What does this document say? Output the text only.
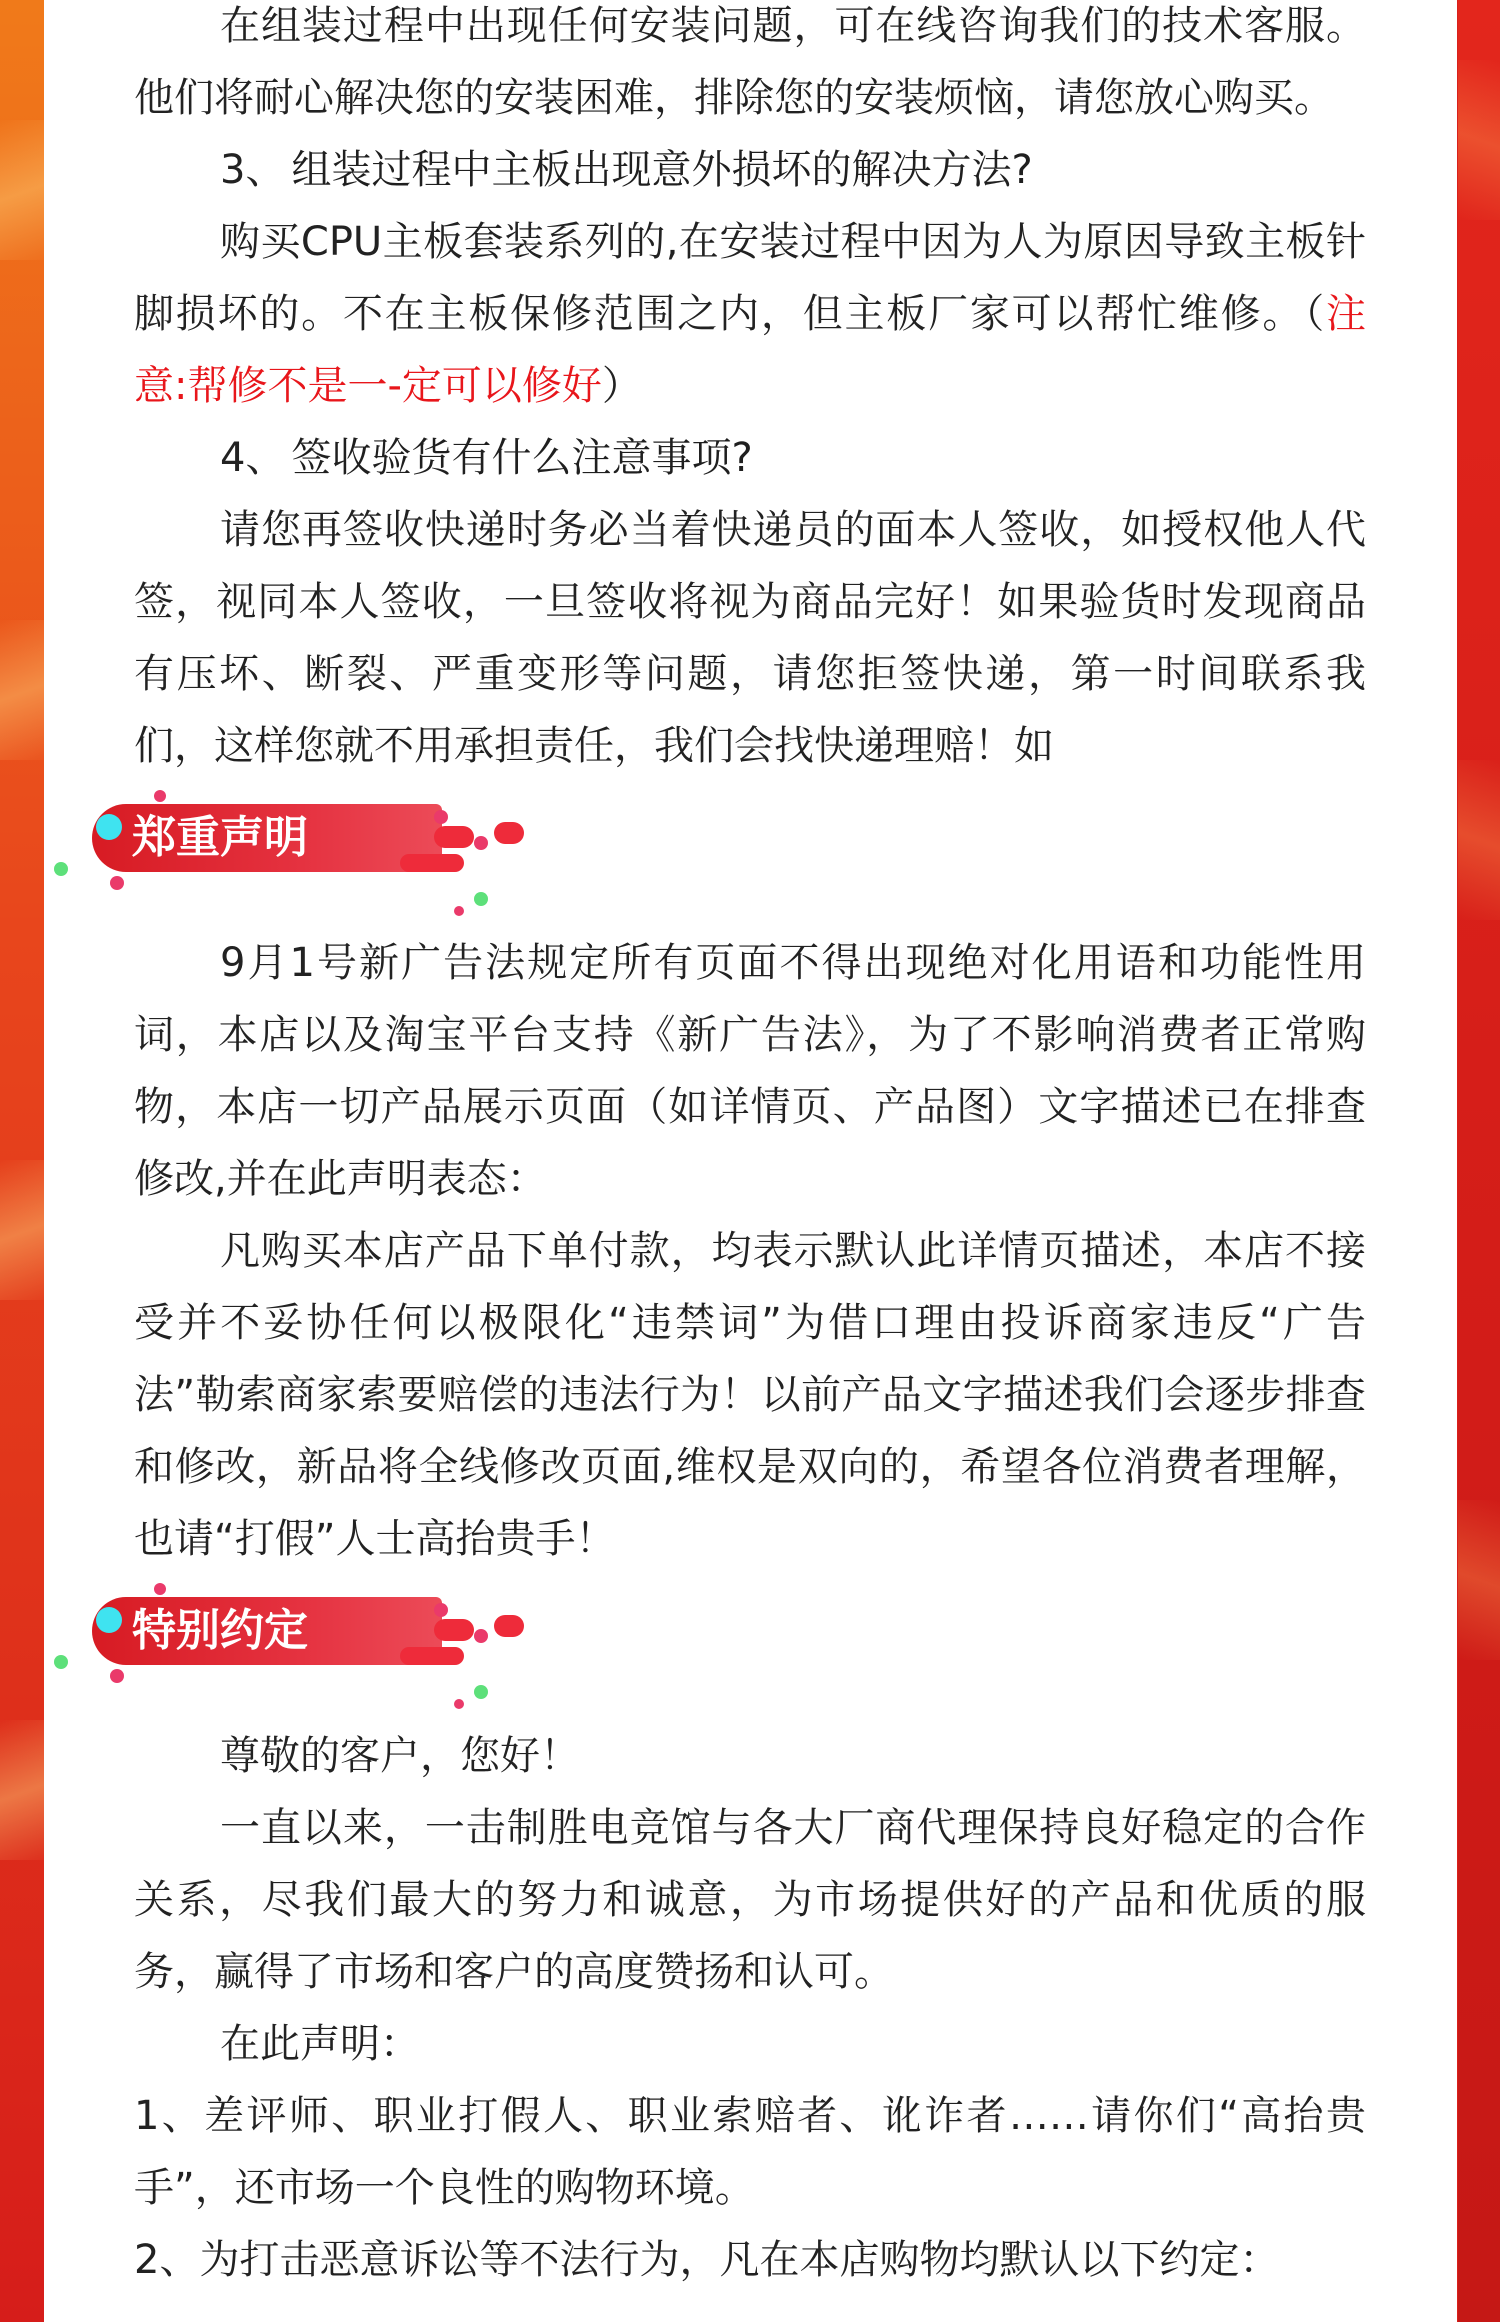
在组装过程中出现任何安装问题，可在线咨询我们的技术客服。他们将耐心解决您的安装困难，排除您的安装烦恼，请您放心购买。

3、 组装过程中主板出现意外损坏的解决方法?

购买CPU主板套装系列的,在安装过程中因为人为原因导致主板针脚损坏的。不在主板保修范围之内，但主板厂家可以帮忙维修。（注意:帮修不是一-定可以修好）

4、 签收验货有什么注意事项?

请您再签收快递时务必当着快递员的面本人签收，如授权他人代签，视同本人签收，一旦签收将视为商品完好！如果验货时发现商品有压坏、断裂、严重变形等问题，请您拒签快递，第一时间联系我们，这样您就不用承担责任，我们会找快递理赔！如

郑重声明

9月1号新广告法规定所有页面不得出现绝对化用语和功能性用词，本店以及淘宝平台支持《新广告法》，为了不影响消费者正常购物，本店一切产品展示页面（如详情页、产品图）文字描述已在排查修改,并在此声明表态：

凡购买本店产品下单付款，均表示默认此详情页描述，本店不接受并不妥协任何以极限化“违禁词”为借口理由投诉商家违反“广告法”勒索商家索要赔偿的违法行为！以前产品文字描述我们会逐步排查和修改，新品将全线修改页面,维权是双向的，希望各位消费者理解，也请“打假”人士高抬贵手！

特别约定

尊敬的客户，您好！

一直以来，一击制胜电竞馆与各大厂商代理保持良好稳定的合作关系，尽我们最大的努力和诚意，为市场提供好的产品和优质的服务，赢得了市场和客户的高度赞扬和认可。

在此声明：

1、差评师、职业打假人、职业索赔者、讹诈者……请你们“高抬贵手”，还市场一个良性的购物环境。

2、为打击恶意诉讼等不法行为，凡在本店购物均默认以下约定：
